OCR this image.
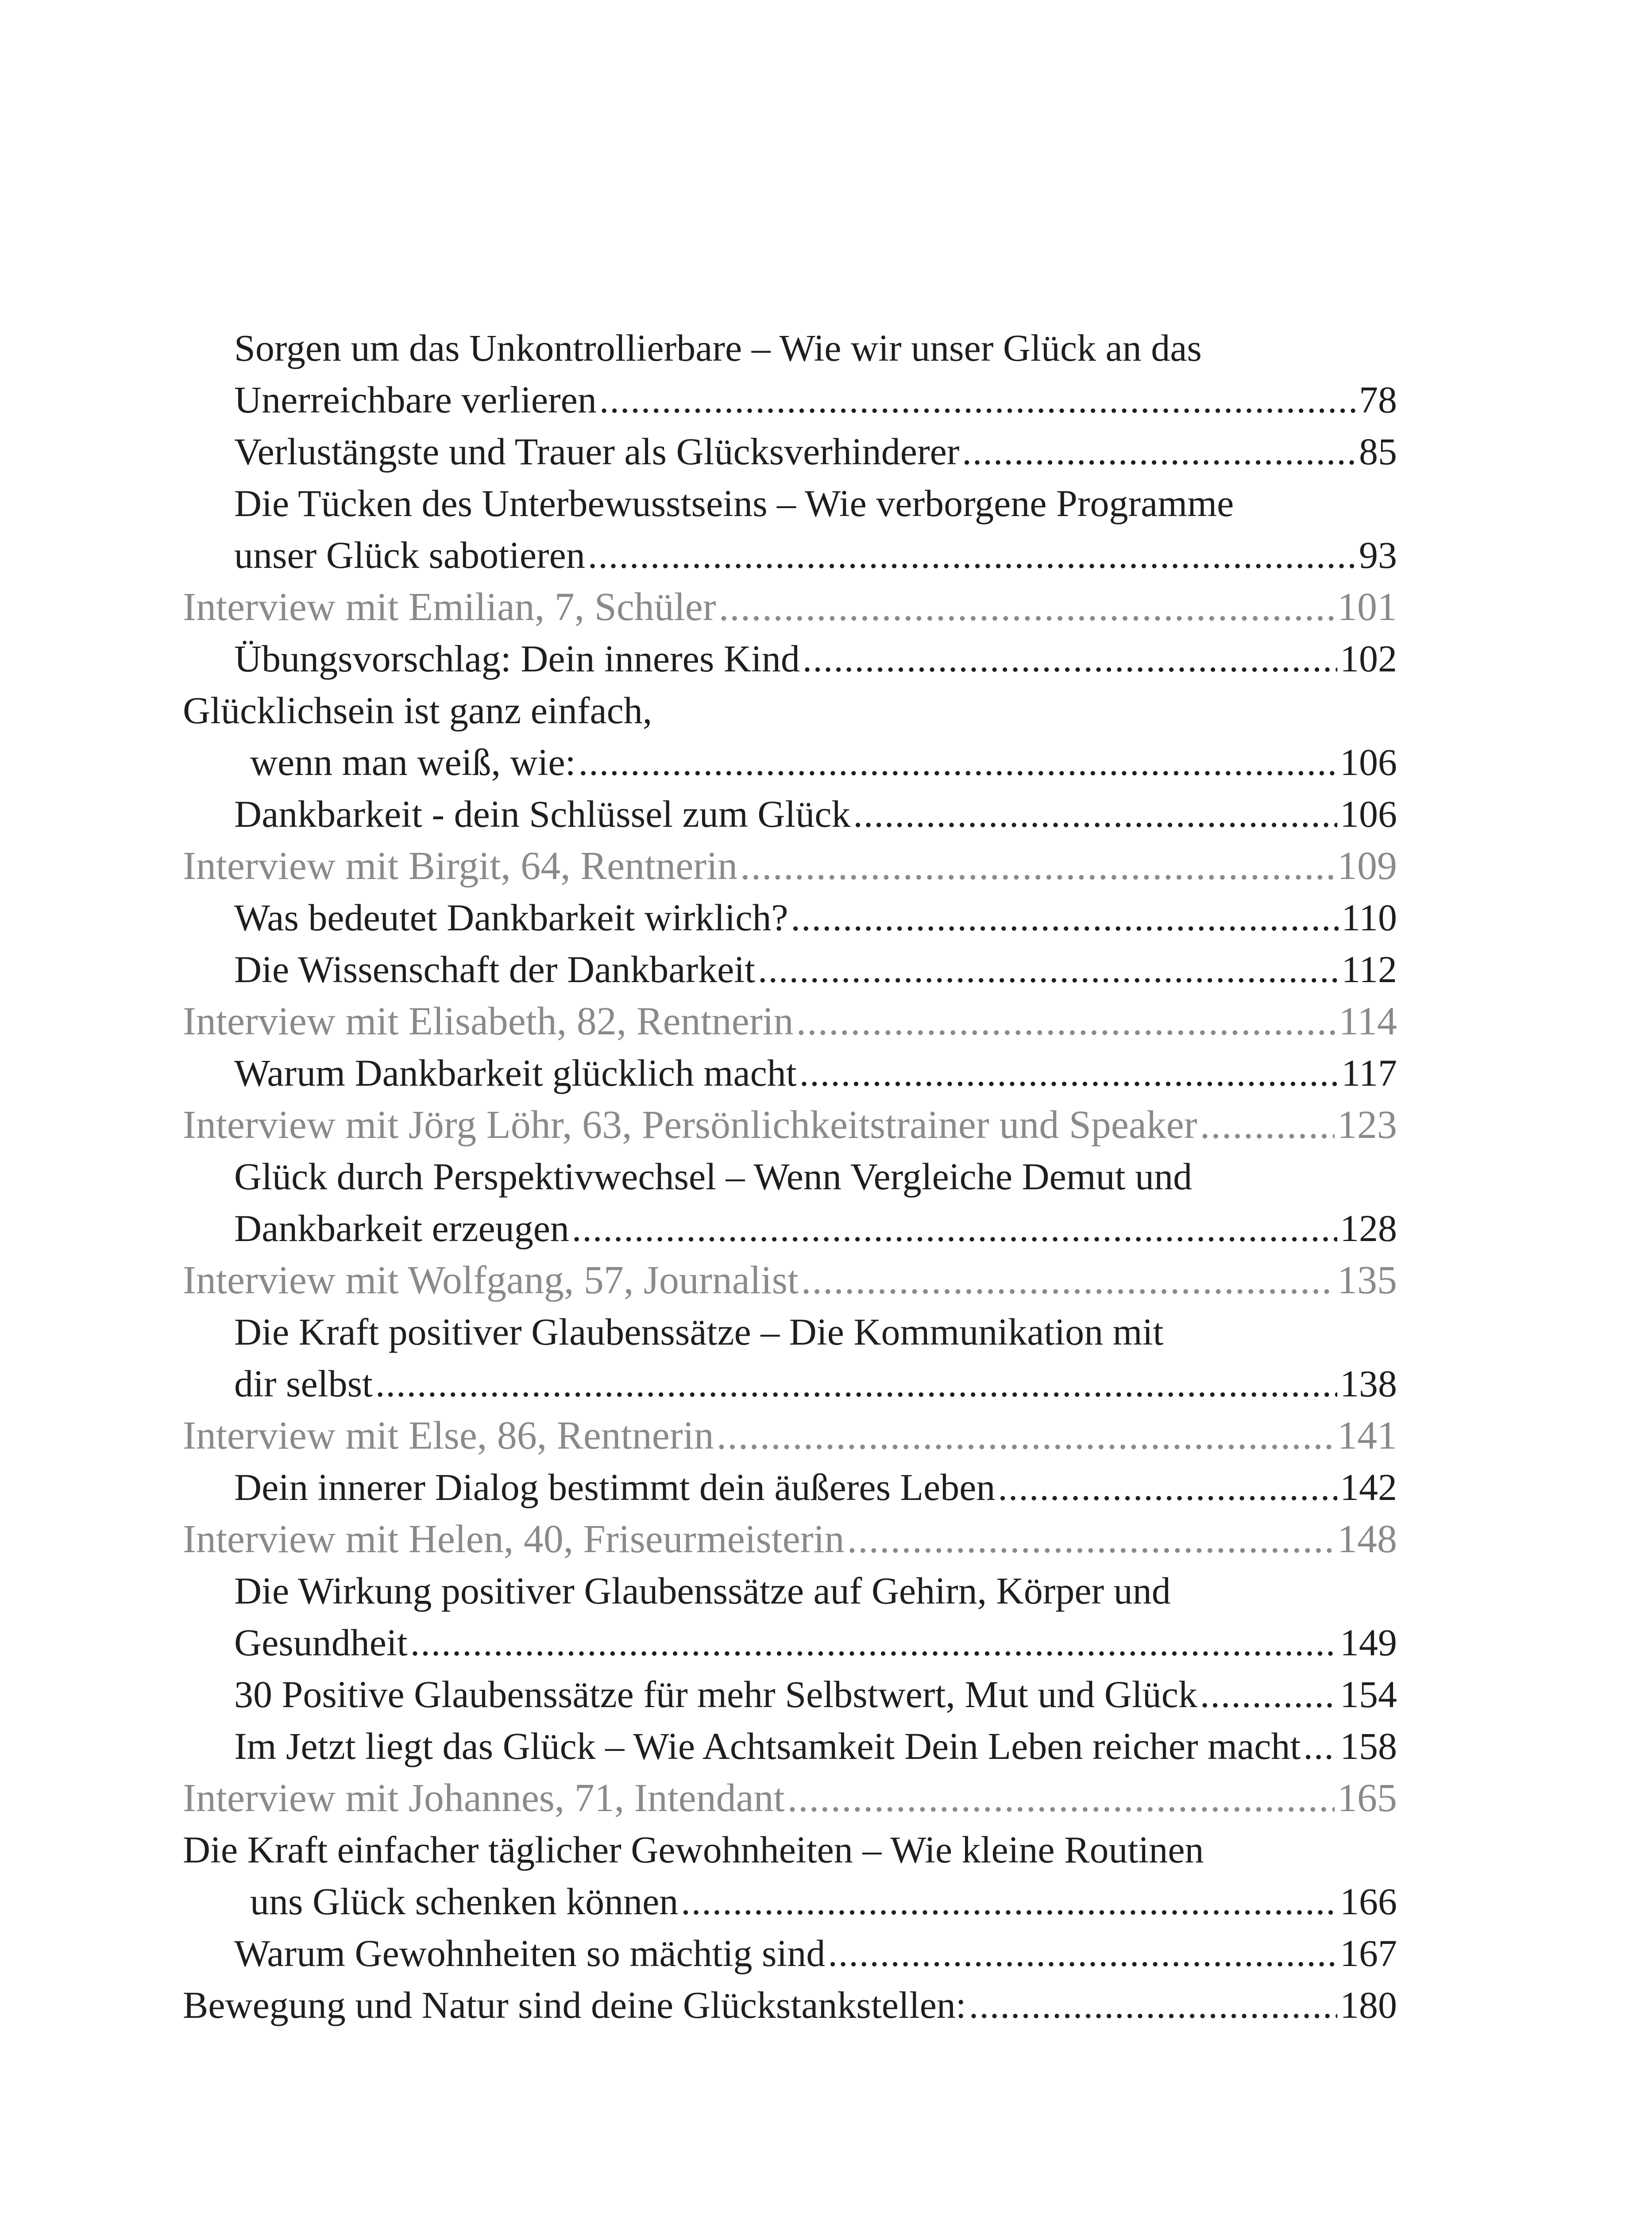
Sorgen um das Unkontrollierbare – Wie wir unser Glück an das
Unerreichbare verlieren .....	78
Verlustängste und Trauer als Glücksverhinderer .....	85
Die Tücken des Unterbewusstseins – Wie verborgene Programme
unser Glück sabotieren .....	93
Interview mit Emilian, 7, Schüler .....	101
Übungsvorschlag: Dein inneres Kind .....	102
Glücklichsein ist ganz einfach,
wenn man weiß, wie: .....	106
Dankbarkeit - dein Schlüssel zum Glück .....	106
Interview mit Birgit, 64, Rentnerin .....	109
Was bedeutet Dankbarkeit wirklich? .....	110
Die Wissenschaft der Dankbarkeit .....	112
Interview mit Elisabeth, 82, Rentnerin .....	114
Warum Dankbarkeit glücklich macht .....	117
Interview mit Jörg Löhr, 63, Persönlichkeitstrainer und Speaker .....	123
Glück durch Perspektivwechsel – Wenn Vergleiche Demut und
Dankbarkeit erzeugen .....	128
Interview mit Wolfgang, 57, Journalist .....	135
Die Kraft positiver Glaubenssätze – Die Kommunikation mit
dir selbst .....	138
Interview mit Else, 86, Rentnerin .....	141
Dein innerer Dialog bestimmt dein äußeres Leben .....	142
Interview mit Helen, 40, Friseurmeisterin .....	148
Die Wirkung positiver Glaubenssätze auf Gehirn, Körper und
Gesundheit .....	149
30 Positive Glaubenssätze für mehr Selbstwert, Mut und Glück .....	154
Im Jetzt liegt das Glück – Wie Achtsamkeit Dein Leben reicher macht ..... 158
Interview mit Johannes, 71, Intendant .....	165
Die Kraft einfacher täglicher Gewohnheiten – Wie kleine Routinen
uns Glück schenken können .....	166
Warum Gewohnheiten so mächtig sind .....	167
Bewegung und Natur sind deine Glückstankstellen: .....	180
